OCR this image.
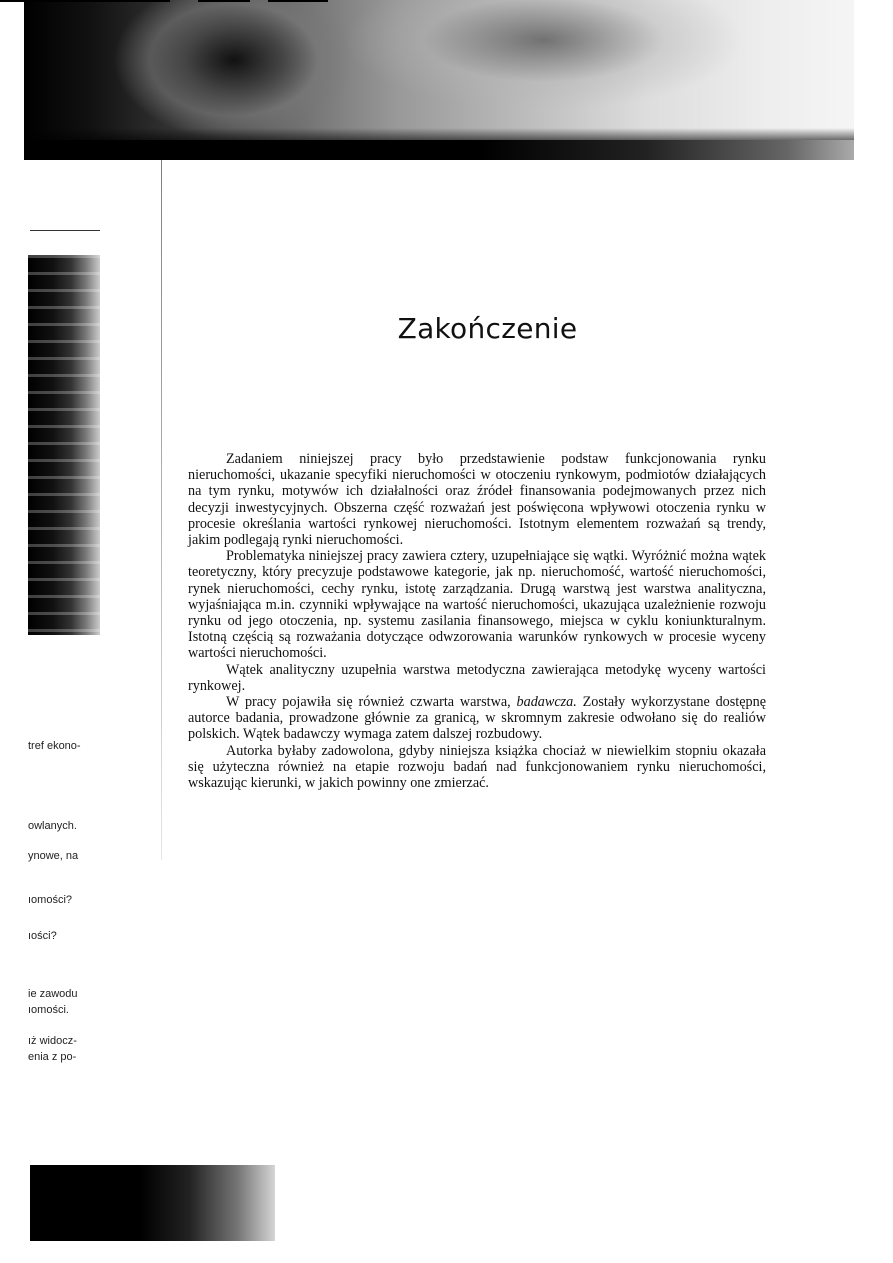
tref ekono-
owlanych.
ynowe, na
ıomości?
ıości?
ie zawodu
ıomości.
ıż widocz-
enia z po-
Zakończenie

Zadaniem niniejszej pracy było przedstawienie podstaw funkcjonowania rynku nieruchomości, ukazanie specyfiki nieruchomości w otoczeniu rynkowym, podmiotów działających na tym rynku, motywów ich działalności oraz źródeł finansowania podejmowanych przez nich decyzji inwestycyjnych. Obszerna część rozważań jest poświęcona wpływowi otoczenia rynku w procesie określania wartości rynkowej nieruchomości. Istotnym elementem rozważań są trendy, jakim podlegają rynki nieruchomości.

Problematyka niniejszej pracy zawiera cztery, uzupełniające się wątki. Wyróżnić można wątek teoretyczny, który precyzuje podstawowe kategorie, jak np. nieruchomość, wartość nieruchomości, rynek nieruchomości, cechy rynku, istotę zarządzania. Drugą warstwą jest warstwa analityczna, wyjaśniająca m.in. czynniki wpływające na wartość nieruchomości, ukazująca uzależnienie rozwoju rynku od jego otoczenia, np. systemu zasilania finansowego, miejsca w cyklu koniunkturalnym. Istotną częścią są rozważania dotyczące odwzorowania warunków rynkowych w procesie wyceny wartości nieruchomości.

Wątek analityczny uzupełnia warstwa metodyczna zawierająca metodykę wyceny wartości rynkowej.

W pracy pojawiła się również czwarta warstwa, badawcza. Zostały wykorzystane dostępnę autorce badania, prowadzone głównie za granicą, w skromnym zakresie odwołano się do realiów polskich. Wątek badawczy wymaga zatem dalszej rozbudowy.

Autorka byłaby zadowolona, gdyby niniejsza książka chociaż w niewielkim stopniu okazała się użyteczna również na etapie rozwoju badań nad funkcjonowaniem rynku nieruchomości, wskazując kierunki, w jakich powinny one zmierzać.
